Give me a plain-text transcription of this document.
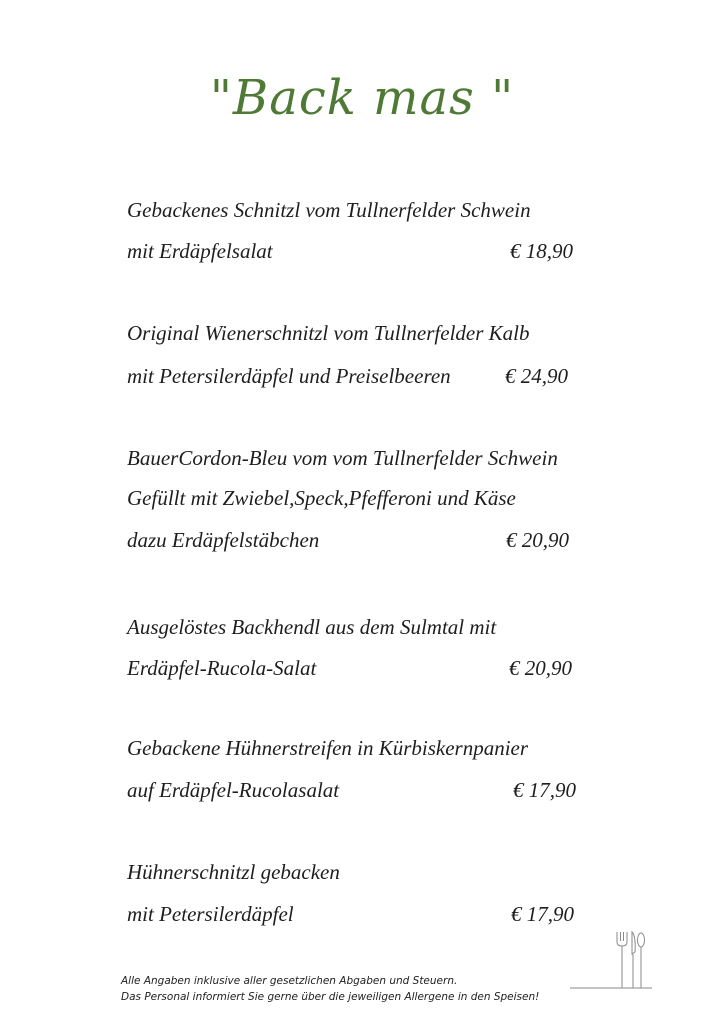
"Back mas "
Gebackenes Schnitzl vom Tullnerfelder Schwein
mit Erdäpfelsalat	€ 18,90
Original Wienerschnitzl vom Tullnerfelder Kalb
mit Petersilerdäpfel und Preiselbeeren	€ 24,90
BauerCordon-Bleu vom vom Tullnerfelder Schwein
Gefüllt mit Zwiebel,Speck,Pfefferoni und Käse
dazu Erdäpfelstäbchen	€ 20,90
Ausgelöstes Backhendl aus dem Sulmtal mit
Erdäpfel-Rucola-Salat	€ 20,90
Gebackene Hühnerstreifen in Kürbiskernpanier
auf Erdäpfel-Rucolasalat	€ 17,90
Hühnerschnitzl gebacken
mit Petersilerdäpfel	€ 17,90
Alle Angaben inklusive aller gesetzlichen Abgaben und Steuern.
Das Personal informiert Sie gerne über die jeweiligen Allergene in den Speisen!
